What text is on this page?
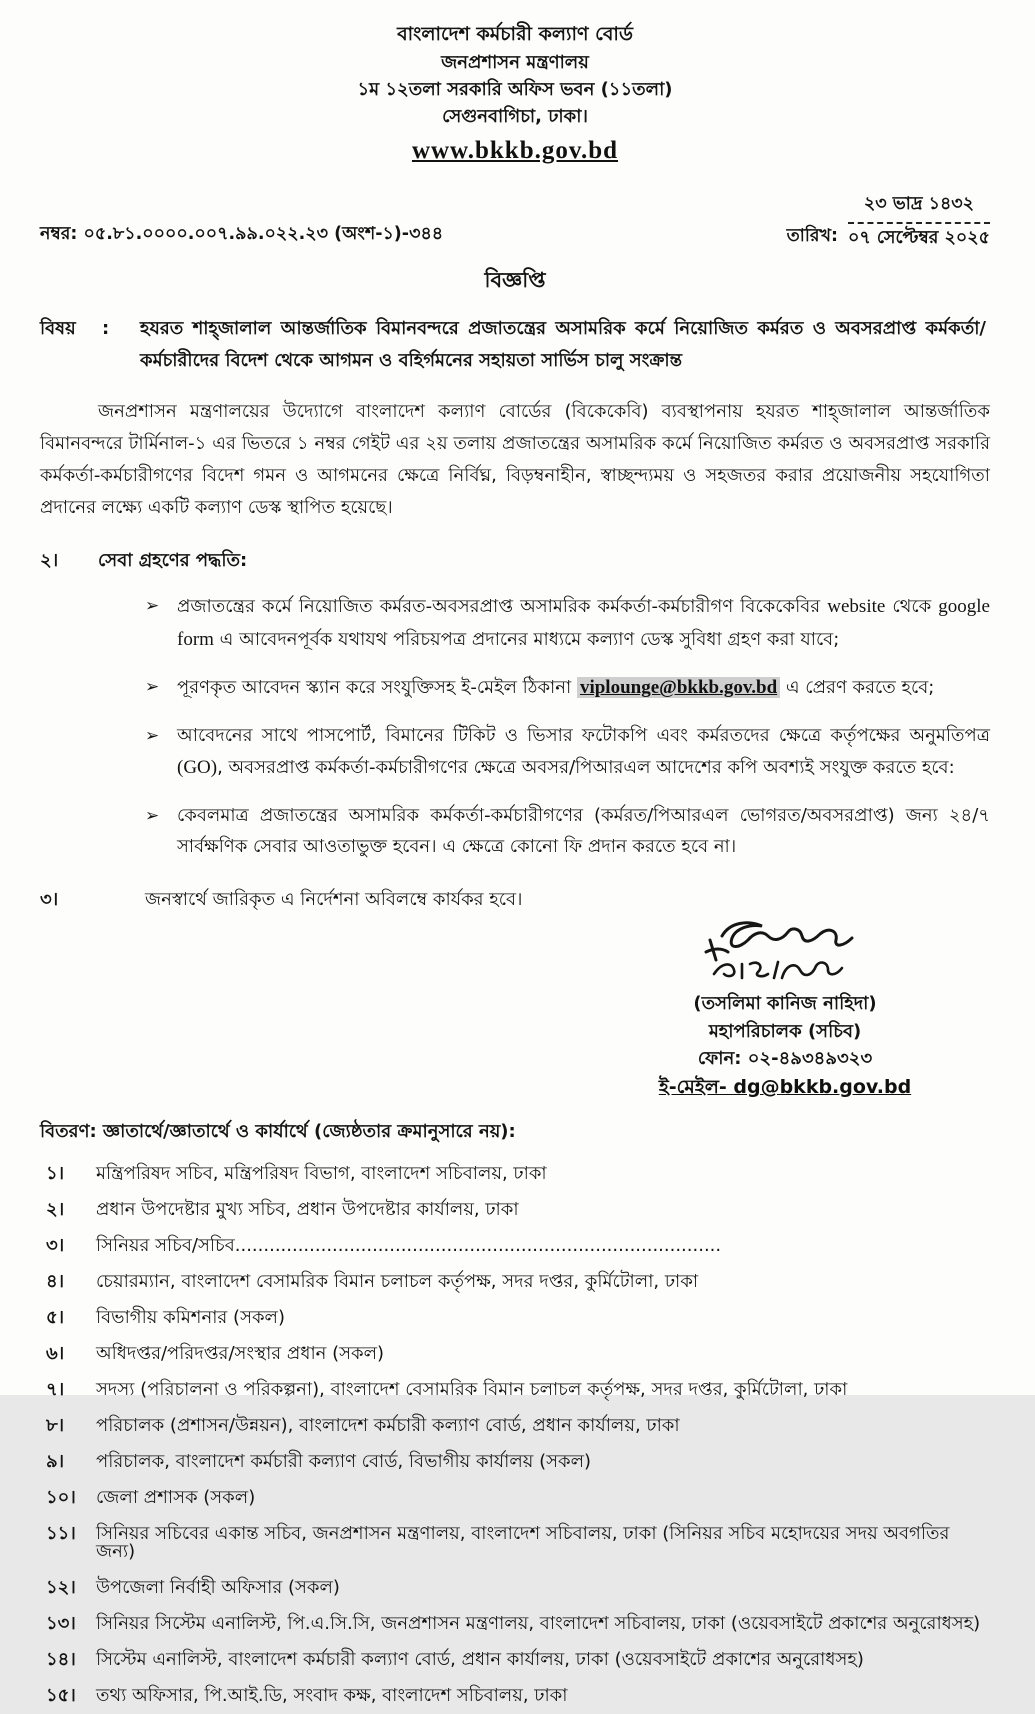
বাংলাদেশ কর্মচারী কল্যাণ বোর্ড
জনপ্রশাসন মন্ত্রণালয়
১ম ১২তলা সরকারি অফিস ভবন (১১তলা)
সেগুনবাগিচা, ঢাকা।
www.bkkb.gov.bd
নম্বর: ০৫.৮১.০০০০.০০৭.৯৯.০২২.২৩ (অংশ-১)-৩৪৪	তারিখ:
২৩ ভাদ্র ১৪৩২
০৭ সেপ্টেম্বর ২০২৫
বিজ্ঞপ্তি
বিষয়	:	হযরত শাহ্‌জালাল আন্তর্জাতিক বিমানবন্দরে প্রজাতন্ত্রের অসামরিক কর্মে নিয়োজিত কর্মরত ও অবসরপ্রাপ্ত কর্মকর্তা/কর্মচারীদের বিদেশ থেকে আগমন ও বহির্গমনের সহায়তা সার্ভিস চালু সংক্রান্ত
জনপ্রশাসন মন্ত্রণালয়ের উদ্যোগে বাংলাদেশ কল্যাণ বোর্ডের (বিকেকেবি) ব্যবস্থাপনায় হযরত শাহ্‌জালাল আন্তর্জাতিক বিমানবন্দরে টার্মিনাল-১ এর ভিতরে ১ নম্বর গেইট এর ২য় তলায় প্রজাতন্ত্রের অসামরিক কর্মে নিয়োজিত কর্মরত ও অবসরপ্রাপ্ত সরকারি কর্মকর্তা-কর্মচারীগণের বিদেশ গমন ও আগমনের ক্ষেত্রে নির্বিঘ্ন, বিড়ম্বনাহীন, স্বাচ্ছন্দ্যময় ও সহজতর করার প্রয়োজনীয় সহযোগিতা প্রদানের লক্ষ্যে একটি কল্যাণ ডেস্ক স্থাপিত হয়েছে।
২।	সেবা গ্রহণের পদ্ধতি:
➢ প্রজাতন্ত্রের কর্মে নিয়োজিত কর্মরত-অবসরপ্রাপ্ত অসামরিক কর্মকর্তা-কর্মচারীগণ বিকেকেবির website থেকে google form এ আবেদনপূর্বক যথাযথ পরিচয়পত্র প্রদানের মাধ্যমে কল্যাণ ডেস্ক সুবিধা গ্রহণ করা যাবে;
➢ পূরণকৃত আবেদন স্ক্যান করে সংযুক্তিসহ ই-মেইল ঠিকানা viplounge@bkkb.gov.bd এ প্রেরণ করতে হবে;
➢ আবেদনের সাথে পাসপোর্ট, বিমানের টিকিট ও ভিসার ফটোকপি এবং কর্মরতদের ক্ষেত্রে কর্তৃপক্ষের অনুমতিপত্র (GO), অবসরপ্রাপ্ত কর্মকর্তা-কর্মচারীগণের ক্ষেত্রে অবসর/পিআরএল আদেশের কপি অবশ্যই সংযুক্ত করতে হবে:
➢ কেবলমাত্র প্রজাতন্ত্রের অসামরিক কর্মকর্তা-কর্মচারীগণের (কর্মরত/পিআরএল ভোগরত/অবসরপ্রাপ্ত) জন্য ২৪/৭ সার্বক্ষণিক সেবার আওতাভুক্ত হবেন। এ ক্ষেত্রে কোনো ফি প্রদান করতে হবে না।
৩।	জনস্বার্থে জারিকৃত এ নির্দেশনা অবিলম্বে কার্যকর হবে।
(তসলিমা কানিজ নাহিদা)
মহাপরিচালক (সচিব)
ফোন: ০২-৪৯৩৪৯৩২৩
ই-মেইল- dg@bkkb.gov.bd
বিতরণ: জ্ঞাতার্থে/জ্ঞাতার্থে ও কার্যার্থে (জ্যেষ্ঠতার ক্রমানুসারে নয়):
১।	মন্ত্রিপরিষদ সচিব, মন্ত্রিপরিষদ বিভাগ, বাংলাদেশ সচিবালয়, ঢাকা
২।	প্রধান উপদেষ্টার মুখ্য সচিব, প্রধান উপদেষ্টার কার্যালয়, ঢাকা
৩।	সিনিয়র সচিব/সচিব.....................................................................................
৪।	চেয়ারম্যান, বাংলাদেশ বেসামরিক বিমান চলাচল কর্তৃপক্ষ, সদর দপ্তর, কুর্মিটোলা, ঢাকা
৫।	বিভাগীয় কমিশনার (সকল)
৬।	অধিদপ্তর/পরিদপ্তর/সংস্থার প্রধান (সকল)
৭।	সদস্য (পরিচালনা ও পরিকল্পনা), বাংলাদেশ বেসামরিক বিমান চলাচল কর্তৃপক্ষ, সদর দপ্তর, কুর্মিটোলা, ঢাকা
৮।	পরিচালক (প্রশাসন/উন্নয়ন), বাংলাদেশ কর্মচারী কল্যাণ বোর্ড, প্রধান কার্যালয়, ঢাকা
৯।	পরিচালক, বাংলাদেশ কর্মচারী কল্যাণ বোর্ড, বিভাগীয় কার্যালয় (সকল)
১০।	জেলা প্রশাসক (সকল)
১১।	সিনিয়র সচিবের একান্ত সচিব, জনপ্রশাসন মন্ত্রণালয়, বাংলাদেশ সচিবালয়, ঢাকা (সিনিয়র সচিব মহোদয়ের সদয় অবগতির জন্য)
১২।	উপজেলা নির্বাহী অফিসার (সকল)
১৩।	সিনিয়র সিস্টেম এনালিস্ট, পি.এ.সি.সি, জনপ্রশাসন মন্ত্রণালয়, বাংলাদেশ সচিবালয়, ঢাকা (ওয়েবসাইটে প্রকাশের অনুরোধসহ)
১৪।	সিস্টেম এনালিস্ট, বাংলাদেশ কর্মচারী কল্যাণ বোর্ড, প্রধান কার্যালয়, ঢাকা (ওয়েবসাইটে প্রকাশের অনুরোধসহ)
১৫।	তথ্য অফিসার, পি.আই.ডি, সংবাদ কক্ষ, বাংলাদেশ সচিবালয়, ঢাকা
